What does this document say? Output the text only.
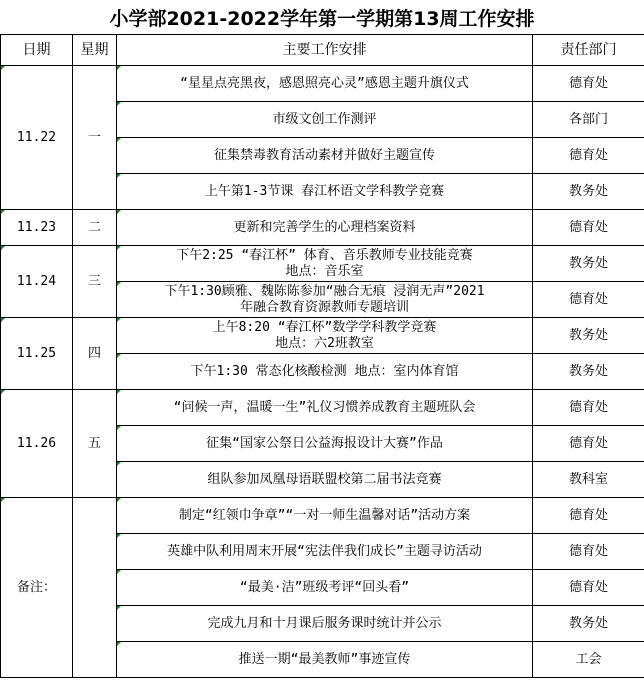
小学部2021-2022学年第一学期第13周工作安排
日期	星期	主要工作安排	责任部门
11.22	一	“星星点亮黑夜，感恩照亮心灵”感恩主题升旗仪式	德育处

		市级文创工作测评	各部门

		征集禁毒教育活动素材并做好主题宣传	德育处

		上午第1-3节课 春江杯语文学科教学竞赛	教务处
11.23	二	更新和完善学生的心理档案资料	德育处
11.24	三	下午2:25 “春江杯” 体育、音乐教师专业技能竞赛
地点：音乐室	教务处

		下午1:30顾雅、魏陈陈参加“融合无痕 浸润无声”2021
年融合教育资源教师专题培训	德育处
11.25	四	上午8:20 “春江杯”数学学科教学竞赛
地点：六2班教室	教务处

		下午1:30 常态化核酸检测 地点：室内体育馆	教务处
11.26	五	“问候一声，温暖一生”礼仪习惯养成教育主题班队会	德育处

		征集“国家公祭日公益海报设计大赛”作品	德育处

		组队参加凤凰母语联盟校第二届书法竞赛	教科室
备注：		制定“红领巾争章”“一对一师生温馨对话”活动方案	德育处

		英雄中队利用周末开展“宪法伴我们成长”主题寻访活动	德育处

		“最美·洁”班级考评“回头看”	德育处

		完成九月和十月课后服务课时统计并公示	教务处

		推送一期“最美教师”事迹宣传	工会
